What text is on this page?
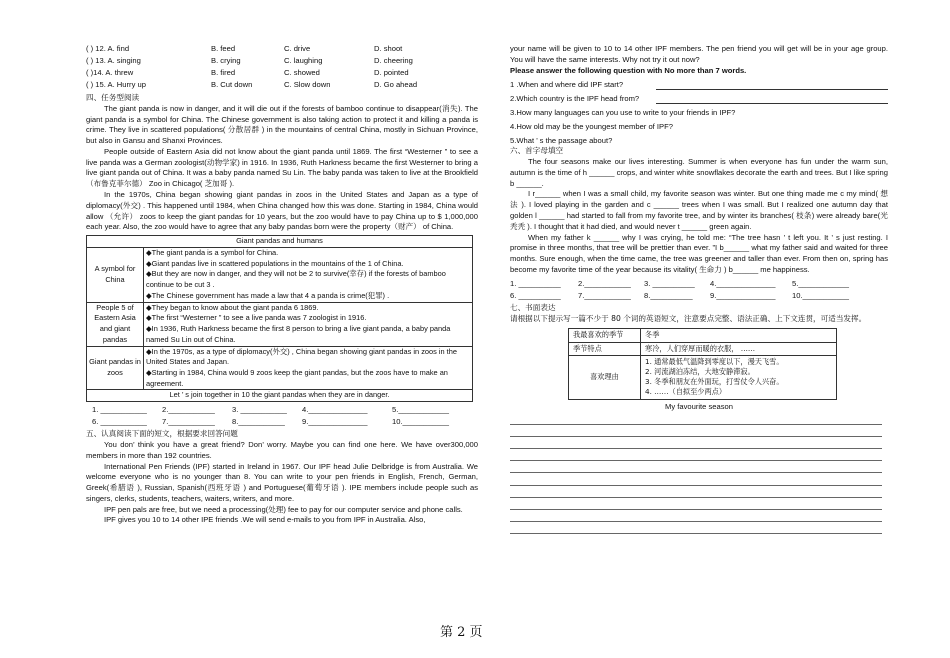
( ) 12. A. find	B. feed	C. drive	D. shoot
( ) 13. A. singing	B. crying	C. laughing	D. cheering
( )14. A. threw	B. fired	C. showed	D. pointed
( ) 15. A. Hurry up	B. Cut down	C. Slow down	D. Go ahead

四、任务型阅读

The giant panda is now in danger, and it will die out if the forests of bamboo continue to disappear(消失). The giant panda is a symbol for China. The Chinese government is also taking action to protect it and killing a panda is crime. They live in scattered populations( 分散居群 ) in the mountains of central China, mostly in Sichuan Province, but also in Gansu and Shanxi Provinces.

People outside of Eastern Asia did not know about the giant panda until 1869. The first “Westerner ” to see a live panda was a German zoologist(动物学家) in 1916. In 1936, Ruth Harkness became the first Westerner to bring a live giant panda out of China. It was a baby panda named Su Lin. The baby panda was taken to live at the Brookfield （布鲁克菲尔德） Zoo in Chicago( 芝加哥 ).

In the 1970s, China began showing giant pandas in zoos in the United States and Japan as a type of diplomacy(外交) . This happened until 1984, when China changed how this was done. Starting in 1984, China would allow （允许） zoos to keep the giant pandas for 10 years, but the zoo would have to pay China up to $ 1,000,000 each year. Also, the zoo would have to agree that any baby pandas born were the property（财产） of China.

Giant pandas and humans	
A symbol for China	◆The giant panda is a symbol for China.
◆Giant pandas live in scattered populations in the mountains of the 1 of China.
◆But they are now in danger, and they will not be 2 to survive(幸存) if the forests of bamboo continue to be cut 3 .
◆The Chinese government has made a law that 4 a panda is crime(犯罪) .

People 5 of Eastern Asia and giant pandas	◆They began to know about the giant panda 6 1869.
◆The first “Westerner ” to see a live panda was 7 zoologist in 1916.
◆In 1936, Ruth Harkness became the first 8 person to bring a live giant panda, a baby panda named Su Lin out of China.

Giant pandas in zoos	◆In the 1970s, as a type of diplomacy(外交) , China began showing giant pandas in zoos in the United States and Japan.
◆Starting in 1984, China would 9 zoos keep the giant pandas, but the zoos have to make an agreement.

Let ’ s join together in 10 the giant pandas when they are in danger.	
1. ___________	2.___________	3. ___________	4.______________	5.____________
6. ___________	7.___________	8.___________	9.______________	10.___________

五、认真阅读下面的短文，根据要求回答问题

You don’ think you have a great friend? Don’ worry. Maybe you can find one here. We have over300,000 members in more than 192 countries.

International Pen Friends (IPF) started in Ireland in 1967. Our IPF head Julie Delbridge is from Australia. We welcome everyone who is no younger than 8. You can write to your pen friends in English, French, German, Greek(希腊语 ), Russian, Spanish(西班牙语 ) and Portuguese(葡萄牙语 ). IPE members include people such as singers, clerks, students, teachers, waiters, writers, and more.

IPF pen pals are free, but we need a processing(处理) fee to pay for our computer service and phone calls.

IPF gives you 10 to 14 other IPE friends .We will send e-mails to you from IPF in Australia. Also,

your name will be given to 10 to 14 other IPF members. The pen friend you will get will be in your age group. You will have the same interests. Why not try it out now?

Please answer the following question with No more than 7 words.

1 .When and where did IPF start?
2.Which country is the IPF head from?
3.How many languages can you use to write to your friends in IPF?
4.How old may be the youngest member of IPF?
5.What ’ s the passage about?

六、首字母填空

The four seasons make our lives interesting. Summer is when everyone has fun under the warm sun, autumn is the time of h ______ crops, and winter white snowflakes decorate the earth and trees. But I like spring b ______.

I r______ when I was a small child, my favorite season was winter. But one thing made me c my mind( 想法 ). I loved playing in the garden and c ______ trees when I was small. But I realized one autumn day that golden l ______ had started to fall from my favorite tree, and by winter its branches( 枝条) were already bare(光秃秃 ). I thought that it had died, and would never t ______ green again.

When my father k ______ why I was crying, he told me: “The tree hasn ’ t left you. It ’ s just resting. I promise in three months, that tree will be prettier than ever. ”I b______ what my father said and waited for three months. Sure enough, when the time came, the tree was greener and taller than ever. From then on, spring has become my favorite time of the year because its vitality( 生命力 ) b______ me happiness.

1. __________	2.___________	3. __________	4.______________	5.____________
6. __________	7.___________	8.__________	9.______________	10.___________

七、书面表达

请根据以下提示写一篇不少于 80 个词的英语短文，注意要点完整、语法正确、上下文连贯，可适当发挥。

我最喜欢的季节	冬季
季节特点	寒冷，人们穿厚而暖的衣服， ……
喜欢理由	1. 通常最低气温降到零度以下，漫天飞雪。
2. 河流湖泊冻结，大地安静滞寂。
3. 冬季和朋友在外面玩，打雪仗令人兴奋。
4. ……（自拟至少两点）

My favourite season

第 2 页
